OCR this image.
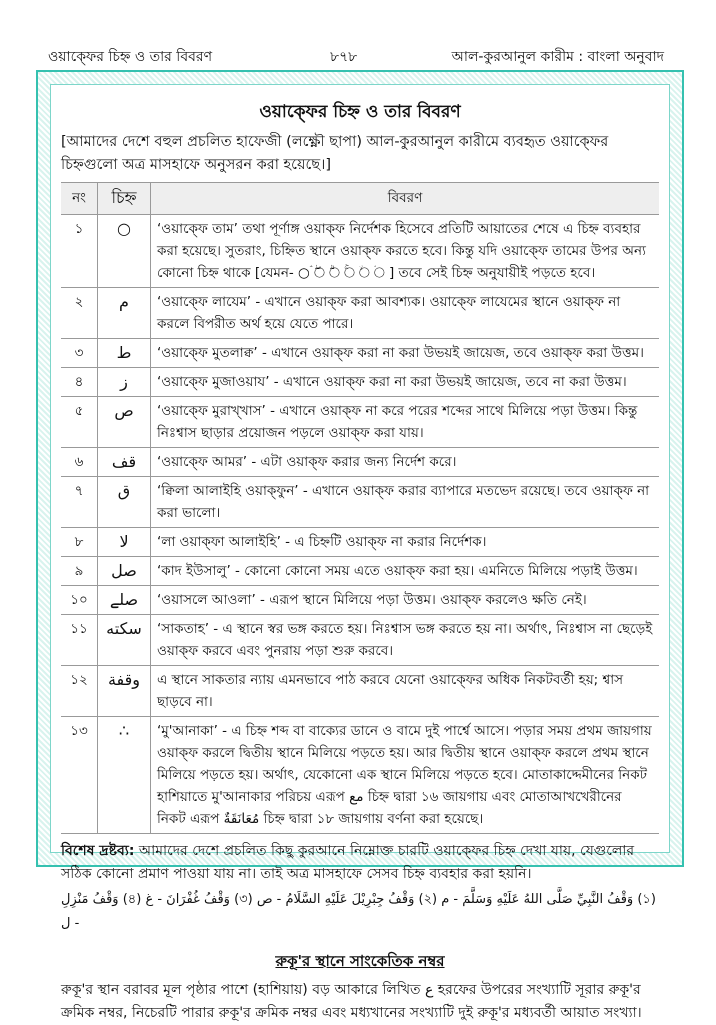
ওয়াক্ফের চিহ্ন ও তার বিবরণ	৮৭৮	আল-কুরআনুল কারীম : বাংলা অনুবাদ
ওয়াক্ফের চিহ্ন ও তার বিবরণ
[আমাদের দেশে বহুল প্রচলিত হাফেজী (লক্ষ্ণৌ ছাপা) আল-কুরআনুল কারীমে ব্যবহৃত ওয়াক্ফের চিহ্নগুলো অত্র মাসহাফে অনুসরন করা হয়েছে।]
নং	চিহ্ন	বিবরণ
১	○	‘ওয়াক্ফে তাম’ তথা পূর্ণাঙ্গ ওয়াক্ফ নির্দেশক হিসেবে প্রতিটি আয়াতের শেষে এ চিহ্ন ব্যবহার করা হয়েছে। সুতরাং, চিহ্নিত স্থানে ওয়াক্ফ করতে হবে। কিন্তু যদি ওয়াক্ফে তামের উপর অন্য কোনো চিহ্ন থাকে [যেমন- ○ۘ ○ۖ ○ۗ ○ۚ ○ۙ ○ۛ ] তবে সেই চিহ্ন অনুযায়ীই পড়তে হবে।
২	م	‘ওয়াক্ফে লাযেম’ - এখানে ওয়াক্ফ করা আবশ্যক। ওয়াক্ফে লাযেমের স্থানে ওয়াক্ফ না করলে বিপরীত অর্থ হয়ে যেতে পারে।
৩	ط	‘ওয়াক্ফে মুতলাক্ব’ - এখানে ওয়াক্ফ করা না করা উভয়ই জায়েজ, তবে ওয়াক্ফ করা উত্তম।
৪	ز	‘ওয়াকে্ফ মুজাওয়ায’ - এখানে ওয়াক্ফ করা না করা উভয়ই জায়েজ, তবে না করা উত্তম।
৫	ص	‘ওয়াক্ফে মুরাখ্খাস’ - এখানে ওয়াক্ফ না করে পরের শব্দের সাথে মিলিয়ে পড়া উত্তম। কিন্তু নিঃশ্বাস ছাড়ার প্রয়োজন পড়লে ওয়াক্ফ করা যায়।
৬	قف	‘ওয়াক্ফে আমর’ - এটা ওয়াক্ফ করার জন্য নির্দেশ করে।
৭	ق	‘ক্বিলা আলাইহি ওয়াক্ফুন’ - এখানে ওয়াক্ফ করার ব্যাপারে মতভেদ রয়েছে। তবে ওয়াক্ফ না করা ভালো।
৮	لا	‘লা ওয়াক্ফা আলাইহি’ - এ চিহ্নটি ওয়াক্ফ না করার নির্দেশক।
৯	صل	‘কাদ ইউসালু’ - কোনো কোনো সময় এতে ওয়াক্ফ করা হয়। এমনিতে মিলিয়ে পড়াই উত্তম।
১০	صلے	‘ওয়াসলে আওলা’ - এরূপ স্থানে মিলিয়ে পড়া উত্তম। ওয়াক্ফ করলেও ক্ষতি নেই।
১১	سكته	‘সাকতাহ’ - এ স্থানে স্বর ভঙ্গ করতে হয়। নিঃশ্বাস ভঙ্গ করতে হয় না। অর্থাৎ, নিঃশ্বাস না ছেড়েই ওয়াক্ফ করবে এবং পুনরায় পড়া শুরু করবে।
১২	وقفة	এ স্থানে সাকতার ন্যায় এমনভাবে পাঠ করবে যেনো ওয়াক্ফের অধিক নিকটবর্তী হয়; শ্বাস ছাড়বে না।
১৩	∴	‘মু'আনাকা’ - এ চিহ্ন শব্দ বা বাক্যের ডানে ও বামে দুই পার্শ্বে আসে। পড়ার সময় প্রথম জায়গায় ওয়াক্ফ করলে দ্বিতীয় স্থানে মিলিয়ে পড়তে হয়। আর দ্বিতীয় স্থানে ওয়াক্ফ করলে প্রথম স্থানে মিলিয়ে পড়তে হয়। অর্থাৎ, যেকোনো এক স্থানে মিলিয়ে পড়তে হবে। মোতাকাদ্দেমীনের নিকট হাশিয়াতে মু'আনাকার পরিচয় এরূপ مع চিহ্ন দ্বারা ১৬ জায়গায় এবং মোতাআখখেরীনের নিকট এরূপ مُعَانَقَةٌ চিহ্ন দ্বারা ১৮ জায়গায় বর্ণনা করা হয়েছে।
বিশেষ দ্রষ্টব্য: আমাদের দেশে প্রচলিত কিছু কুরআনে নিম্নোক্ত চারটি ওয়াক্ফের চিহ্ন দেখা যায়, যেগুলোর সঠিক কোনো প্রমাণ পাওয়া যায় না। তাই অত্র মাসহাফে সেসব চিহ্ন ব্যবহার করা হয়নি।
(১) وَقْفُ النَّبِيِّ صَلَّى اللهُ عَلَيْهِ وَسَلَّمَ - م (২) وَقْفُ جِبْرِيْلَ عَلَيْهِ السَّلَامُ - ص (৩) وَقْفُ غُفْرَانَ - غ (৪) وَقْفُ مَنْزِلِ - ل
রুকূ'র স্থানে সাংকেতিক নম্বর
রুকূ'র স্থান বরাবর মূল পৃষ্ঠার পাশে (হাশিয়ায়) বড় আকারে লিখিত ع হরফের উপরের সংখ্যাটি সূরার রুকূ'র ক্রমিক নম্বর, নিচেরটি পারার রুকূ'র ক্রমিক নম্বর এবং মধ্যখানের সংখ্যাটি দুই রুকূ'র মধ্যবর্তী আয়াত সংখ্যা।
